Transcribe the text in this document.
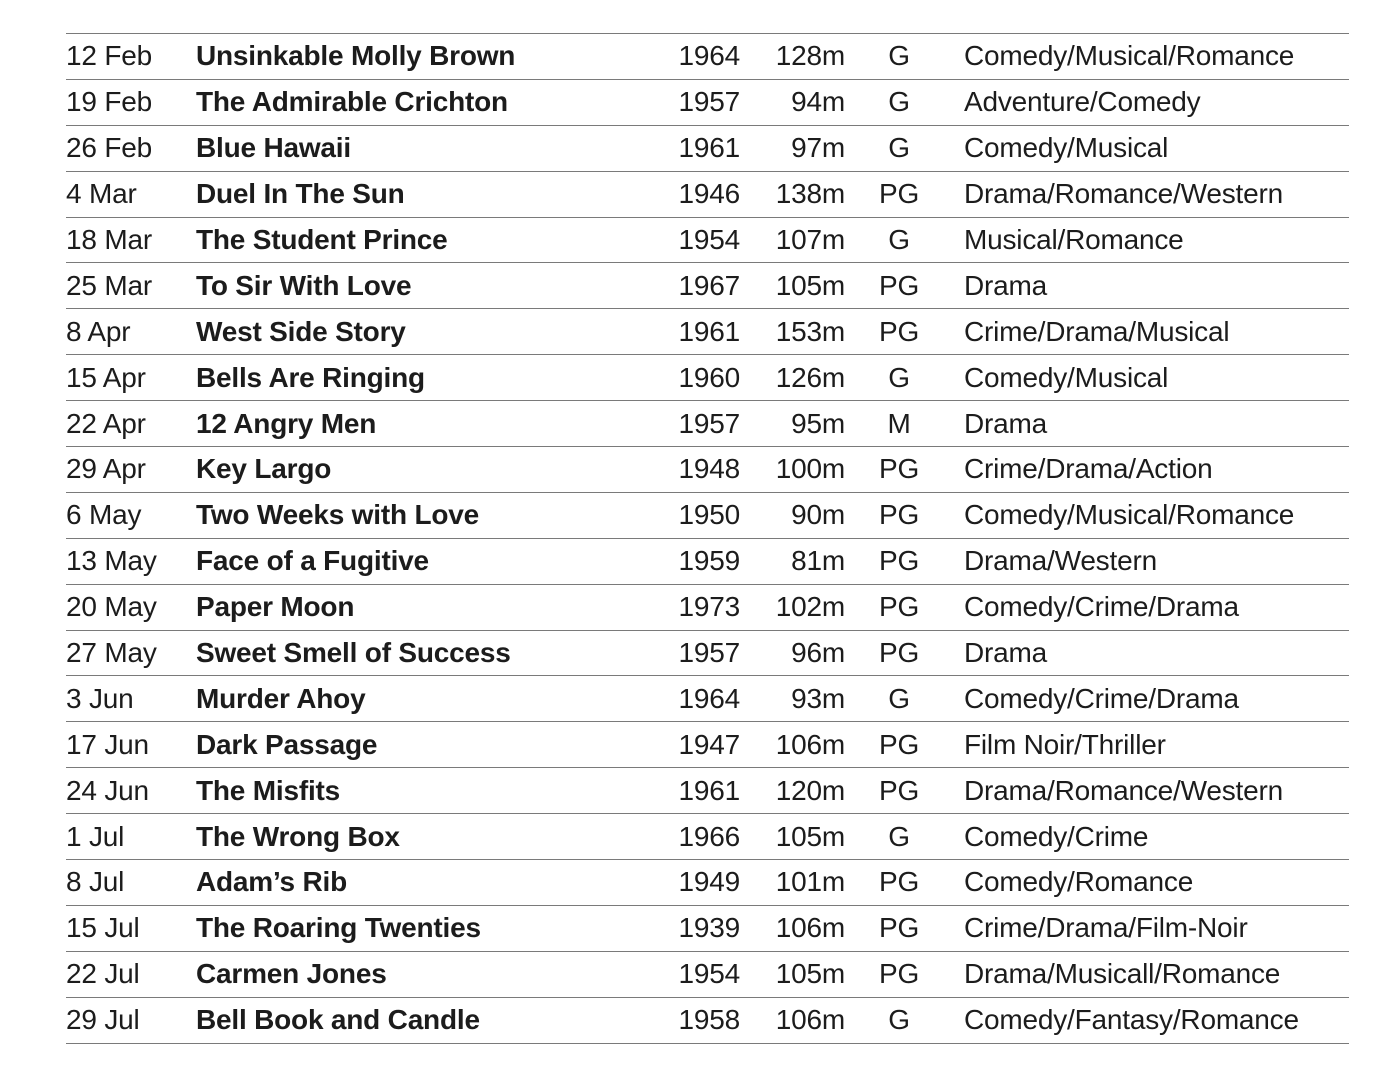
12 Feb	Unsinkable Molly Brown	1964	128m	G	Comedy/Musical/Romance
19 Feb	The Admirable Crichton	1957	94m	G	Adventure/Comedy
26 Feb	Blue Hawaii	1961	97m	G	Comedy/Musical
4 Mar	Duel In The Sun	1946	138m	PG	Drama/Romance/Western
18 Mar	The Student Prince	1954	107m	G	Musical/Romance
25 Mar	To Sir With Love	1967	105m	PG	Drama
8 Apr	West Side Story	1961	153m	PG	Crime/Drama/Musical
15 Apr	Bells Are Ringing	1960	126m	G	Comedy/Musical
22 Apr	12 Angry Men	1957	95m	M	Drama
29 Apr	Key Largo	1948	100m	PG	Crime/Drama/Action
6 May	Two Weeks with Love	1950	90m	PG	Comedy/Musical/Romance
13 May	Face of a Fugitive	1959	81m	PG	Drama/Western
20 May	Paper Moon	1973	102m	PG	Comedy/Crime/Drama
27 May	Sweet Smell of Success	1957	96m	PG	Drama
3 Jun	Murder Ahoy	1964	93m	G	Comedy/Crime/Drama
17 Jun	Dark Passage	1947	106m	PG	Film Noir/Thriller
24 Jun	The Misfits	1961	120m	PG	Drama/Romance/Western
1 Jul	The Wrong Box	1966	105m	G	Comedy/Crime
8 Jul	Adam’s Rib	1949	101m	PG	Comedy/Romance
15 Jul	The Roaring Twenties	1939	106m	PG	Crime/Drama/Film-Noir
22 Jul	Carmen Jones	1954	105m	PG	Drama/Musicall/Romance
29 Jul	Bell Book and Candle	1958	106m	G	Comedy/Fantasy/Romance
